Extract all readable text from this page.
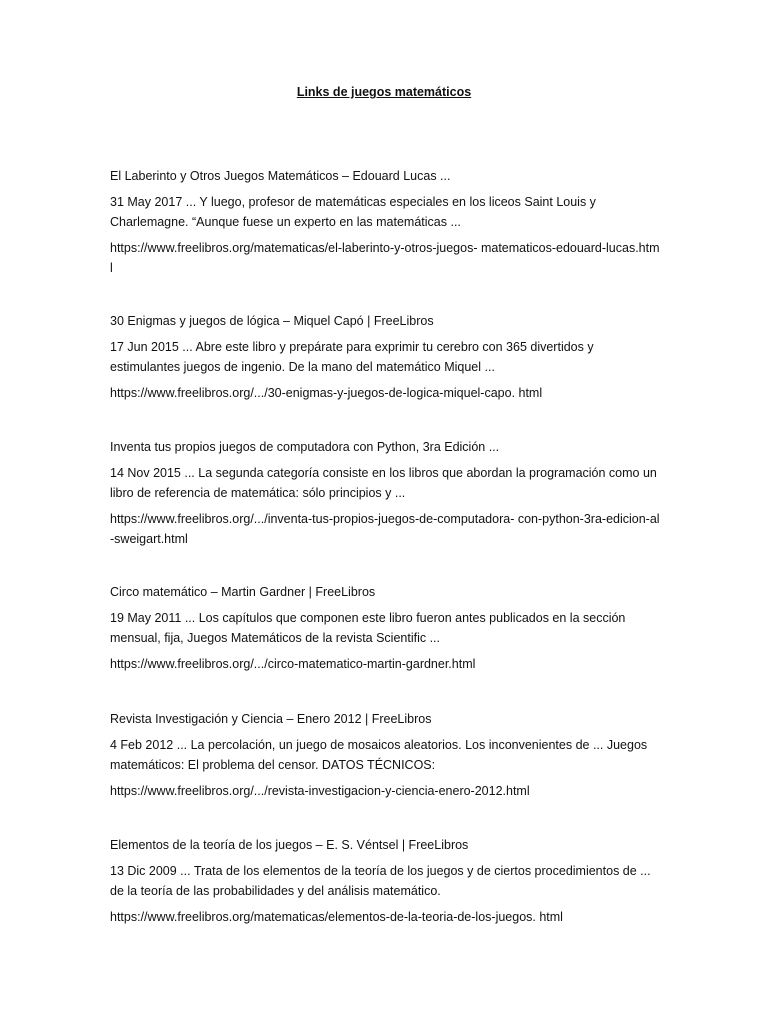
Links de juegos matemáticos

El Laberinto y Otros Juegos Matemáticos – Edouard Lucas ...

31 May 2017 ... Y luego, profesor de matemáticas especiales en los liceos Saint Louis y Charlemagne. “Aunque fuese un experto en las matemáticas ...

https://www.freelibros.org/matematicas/el-laberinto-y-otros-juegos- matematicos-edouard-lucas.html

30 Enigmas y juegos de lógica – Miquel Capó | FreeLibros

17 Jun 2015 ... Abre este libro y prepárate para exprimir tu cerebro con 365 divertidos y estimulantes juegos de ingenio. De la mano del matemático Miquel ...

https://www.freelibros.org/.../30-enigmas-y-juegos-de-logica-miquel-capo. html

Inventa tus propios juegos de computadora con Python, 3ra Edición ...

14 Nov 2015 ... La segunda categoría consiste en los libros que abordan la programación como un libro de referencia de matemática: sólo principios y ...

https://www.freelibros.org/.../inventa-tus-propios-juegos-de-computadora- con-python-3ra-edicion-al-sweigart.html

Circo matemático – Martin Gardner | FreeLibros

19 May 2011 ... Los capítulos que componen este libro fueron antes publicados en la sección mensual, fija, Juegos Matemáticos de la revista Scientific ...

https://www.freelibros.org/.../circo-matematico-martin-gardner.html

Revista Investigación y Ciencia – Enero 2012 | FreeLibros

4 Feb 2012 ... La percolación, un juego de mosaicos aleatorios. Los inconvenientes de ... Juegos matemáticos: El problema del censor. DATOS TÉCNICOS:

https://www.freelibros.org/.../revista-investigacion-y-ciencia-enero-2012.html

Elementos de la teoría de los juegos – E. S. Véntsel | FreeLibros

13 Dic 2009 ... Trata de los elementos de la teoría de los juegos y de ciertos procedimientos de ... de la teoría de las probabilidades y del análisis matemático.

https://www.freelibros.org/matematicas/elementos-de-la-teoria-de-los-juegos. html
